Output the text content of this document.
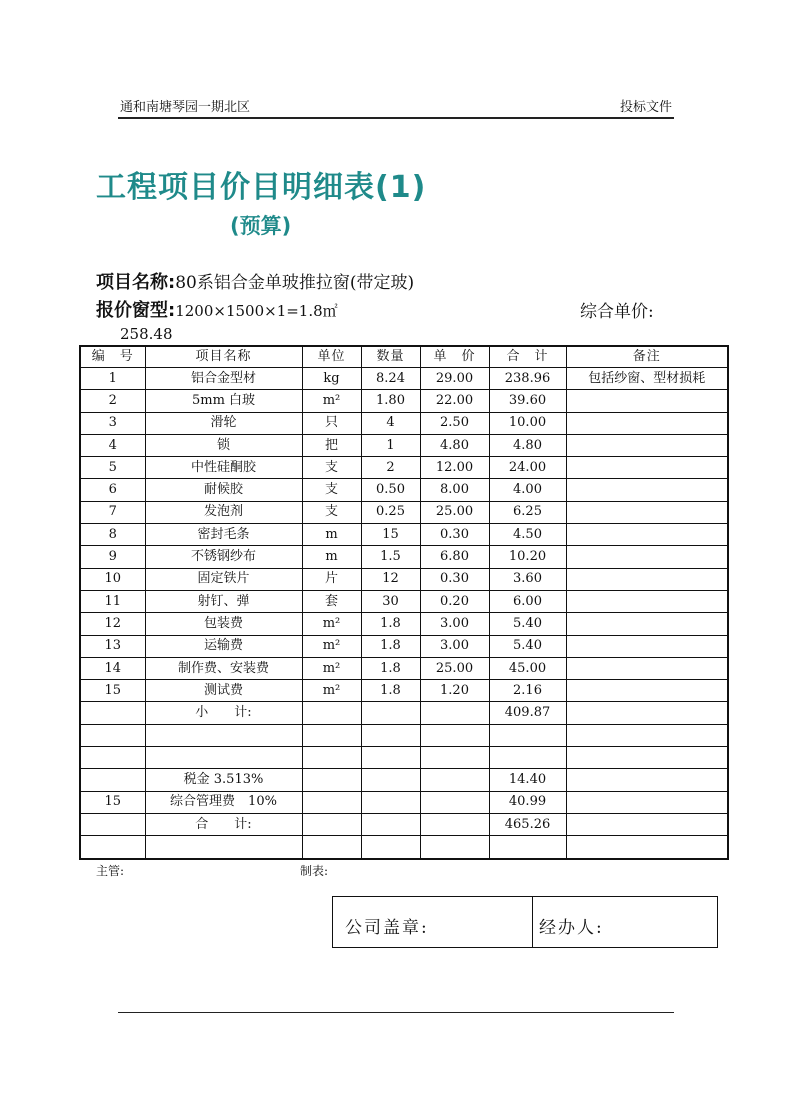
通和南塘琴园一期北区	投标文件
工程项目价目明细表(1)
(预算)
项目名称:80系铝合金单玻推拉窗(带定玻)
报价窗型:1200×1500×1=1.8㎡	综合单价:
258.48
编　号	项目名称	单位	数量	单　价	合　计	备注
1	铝合金型材	kg	8.24	29.00	238.96	包括纱窗、型材损耗
2	5mm 白玻	m²	1.80	22.00	39.60	
3	滑轮	只	4	2.50	10.00	
4	锁	把	1	4.80	4.80	
5	中性硅酮胶	支	2	12.00	24.00	
6	耐候胶	支	0.50	8.00	4.00	
7	发泡剂	支	0.25	25.00	6.25	
8	密封毛条	m	15	0.30	4.50	
9	不锈钢纱布	m	1.5	6.80	10.20	
10	固定铁片	片	12	0.30	3.60	
11	射钉、弹	套	30	0.20	6.00	
12	包装费	m²	1.8	3.00	5.40	
13	运输费	m²	1.8	3.00	5.40	
14	制作费、安装费	m²	1.8	25.00	45.00	
15	测试费	m²	1.8	1.20	2.16	
	小　　计:				409.87	

	税金 3.513%				14.40	
15	综合管理费　10%				40.99	
	合　　计:				465.26	

主管:	制表:
公司盖章:	经办人:
